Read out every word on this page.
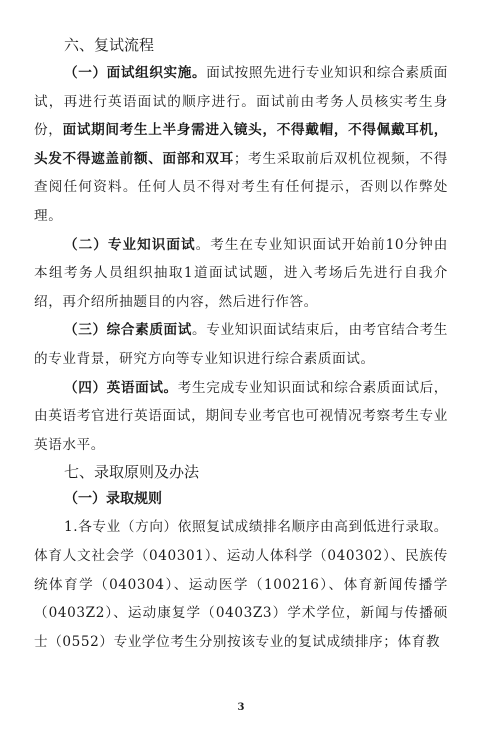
六、复试流程

（一）面试组织实施。面试按照先进行专业知识和综合素质面试，再进行英语面试的顺序进行。面试前由考务人员核实考生身份，面试期间考生上半身需进入镜头，不得戴帽，不得佩戴耳机，头发不得遮盖前额、面部和双耳；考生采取前后双机位视频，不得查阅任何资料。任何人员不得对考生有任何提示，否则以作弊处理。

（二）专业知识面试。考生在专业知识面试开始前10分钟由本组考务人员组织抽取1道面试试题，进入考场后先进行自我介绍，再介绍所抽题目的内容，然后进行作答。

（三）综合素质面试。专业知识面试结束后，由考官结合考生的专业背景，研究方向等专业知识进行综合素质面试。

（四）英语面试。考生完成专业知识面试和综合素质面试后，由英语考官进行英语面试，期间专业考官也可视情况考察考生专业英语水平。

七、录取原则及办法

（一）录取规则

1.各专业（方向）依照复试成绩排名顺序由高到低进行录取。体育人文社会学（040301）、运动人体科学（040302）、民族传统体育学（040304）、运动医学（100216）、体育新闻传播学（0403Z2）、运动康复学（0403Z3）学术学位，新闻与传播硕士（0552）专业学位考生分别按该专业的复试成绩排序；体育教

3
